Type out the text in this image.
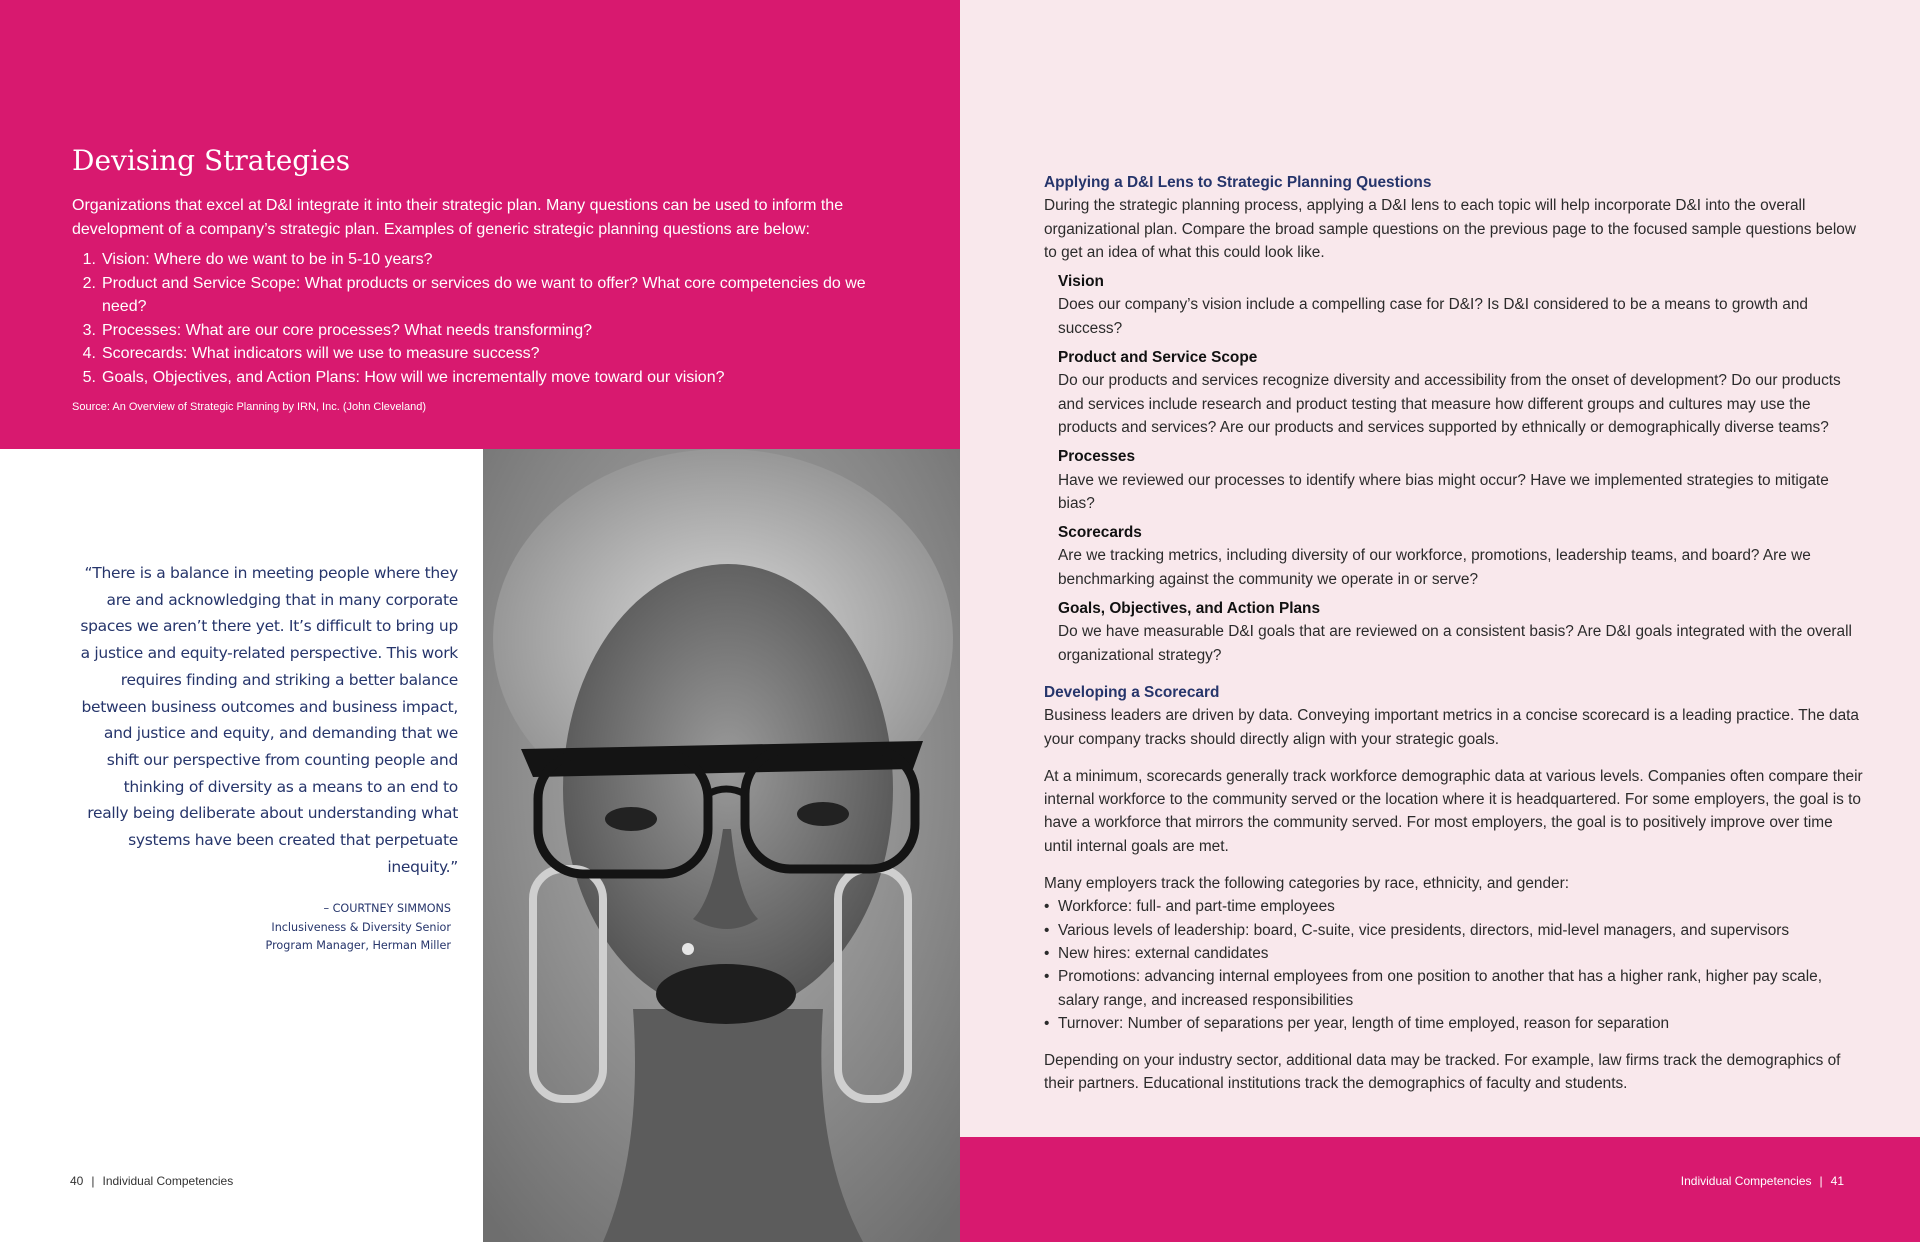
Devising Strategies

Organizations that excel at D&I integrate it into their strategic plan. Many questions can be used to inform the development of a company’s strategic plan. Examples of generic strategic planning questions are below:

1. Vision: Where do we want to be in 5-10 years?
2. Product and Service Scope: What products or services do we want to offer? What core competencies do we need?
3. Processes: What are our core processes? What needs transforming?
4. Scorecards: What indicators will we use to measure success?
5. Goals, Objectives, and Action Plans: How will we incrementally move toward our vision?

Source: An Overview of Strategic Planning by IRN, Inc. (John Cleveland)

“There is a balance in meeting people where they are and acknowledging that in many corporate spaces we aren’t there yet. It’s difficult to bring up a justice and equity-related perspective. This work requires finding and striking a better balance between business outcomes and business impact, and justice and equity, and demanding that we shift our perspective from counting people and thinking of diversity as a means to an end to really being deliberate about understanding what systems have been created that perpetuate inequity.”
– COURTNEY SIMMONS
Inclusiveness & Diversity Senior
Program Manager, Herman Miller
40 | Individual Competencies
Applying a D&I Lens to Strategic Planning Questions

During the strategic planning process, applying a D&I lens to each topic will help incorporate D&I into the overall organizational plan. Compare the broad sample questions on the previous page to the focused sample questions below to get an idea of what this could look like.

Vision

Does our company’s vision include a compelling case for D&I? Is D&I considered to be a means to growth and success?

Product and Service Scope

Do our products and services recognize diversity and accessibility from the onset of development? Do our products and services include research and product testing that measure how different groups and cultures may use the products and services? Are our products and services supported by ethnically or demographically diverse teams?

Processes

Have we reviewed our processes to identify where bias might occur? Have we implemented strategies to mitigate bias?

Scorecards

Are we tracking metrics, including diversity of our workforce, promotions, leadership teams, and board? Are we benchmarking against the community we operate in or serve?

Goals, Objectives, and Action Plans

Do we have measurable D&I goals that are reviewed on a consistent basis? Are D&I goals integrated with the overall organizational strategy?

Developing a Scorecard

Business leaders are driven by data. Conveying important metrics in a concise scorecard is a leading practice. The data your company tracks should directly align with your strategic goals.

At a minimum, scorecards generally track workforce demographic data at various levels. Companies often compare their internal workforce to the community served or the location where it is headquartered. For some employers, the goal is to have a workforce that mirrors the community served. For most employers, the goal is to positively improve over time until internal goals are met.

Many employers track the following categories by race, ethnicity, and gender:

• Workforce: full- and part-time employees
• Various levels of leadership: board, C-suite, vice presidents, directors, mid-level managers, and supervisors
• New hires: external candidates
• Promotions: advancing internal employees from one position to another that has a higher rank, higher pay scale, salary range, and increased responsibilities
• Turnover: Number of separations per year, length of time employed, reason for separation

Depending on your industry sector, additional data may be tracked. For example, law firms track the demographics of their partners. Educational institutions track the demographics of faculty and students.

Individual Competencies | 41
